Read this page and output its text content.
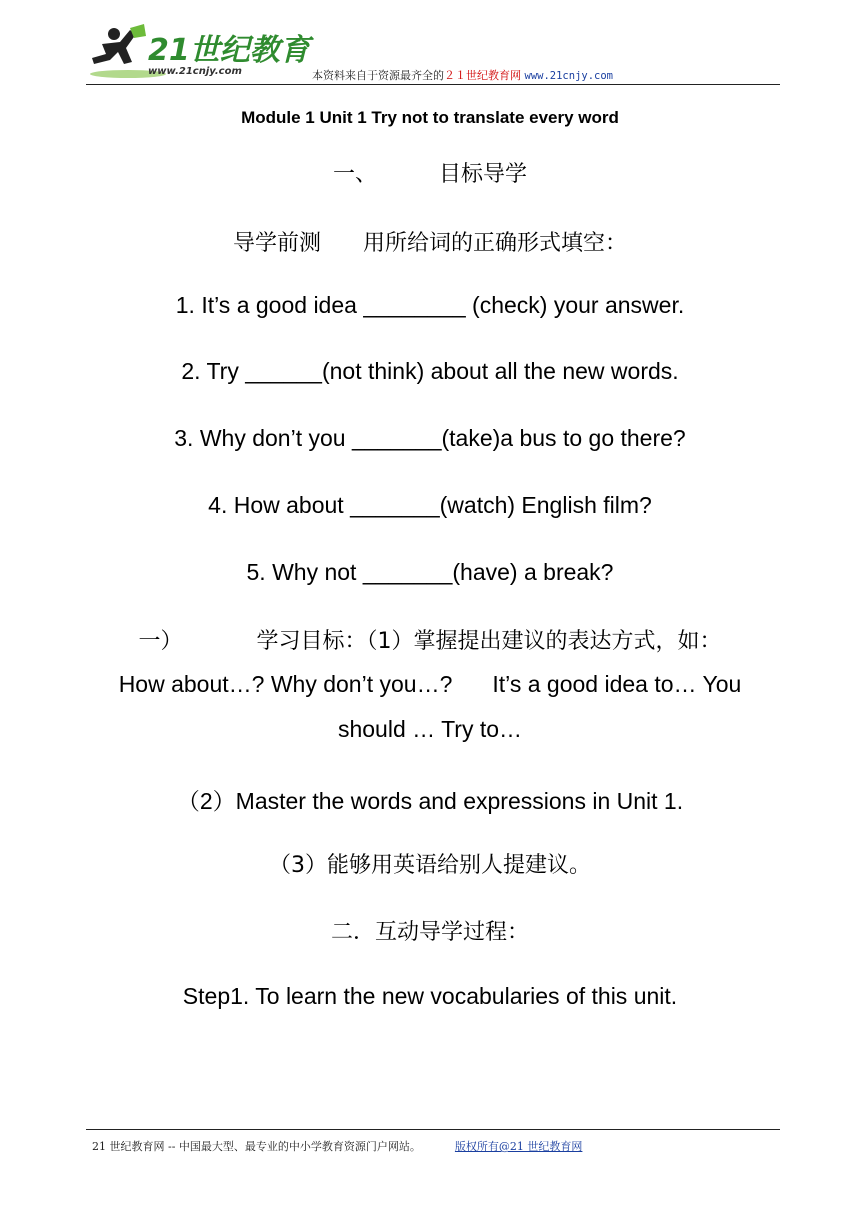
21世纪教育
www.21cnjy.com	本资料来自于资源最齐全的２１世纪教育网 www.21cnjy.com
Module 1 Unit 1 Try not to translate every word
一、	目标导学
导学前测 用所给词的正确形式填空：
1. It’s a good idea ________ (check) your answer.
2. Try ______(not think) about all the new words.
3. Why don’t you _______(take)a bus to go there?
4. How about _______(watch) English film?
5. Why not _______(have) a break?
一）	学习目标：（1）掌握提出建议的表达方式，如：
How about…? Why don’t you…? It’s a good idea to… You
should … Try to…
（2）Master the words and expressions in Unit 1.
（3）能够用英语给别人提建议。
二．互动导学过程：
Step1. To learn the new vocabularies of this unit.
21 世纪教育网 -- 中国最大型、最专业的中小学教育资源门户网站。	版权所有@21 世纪教育网
